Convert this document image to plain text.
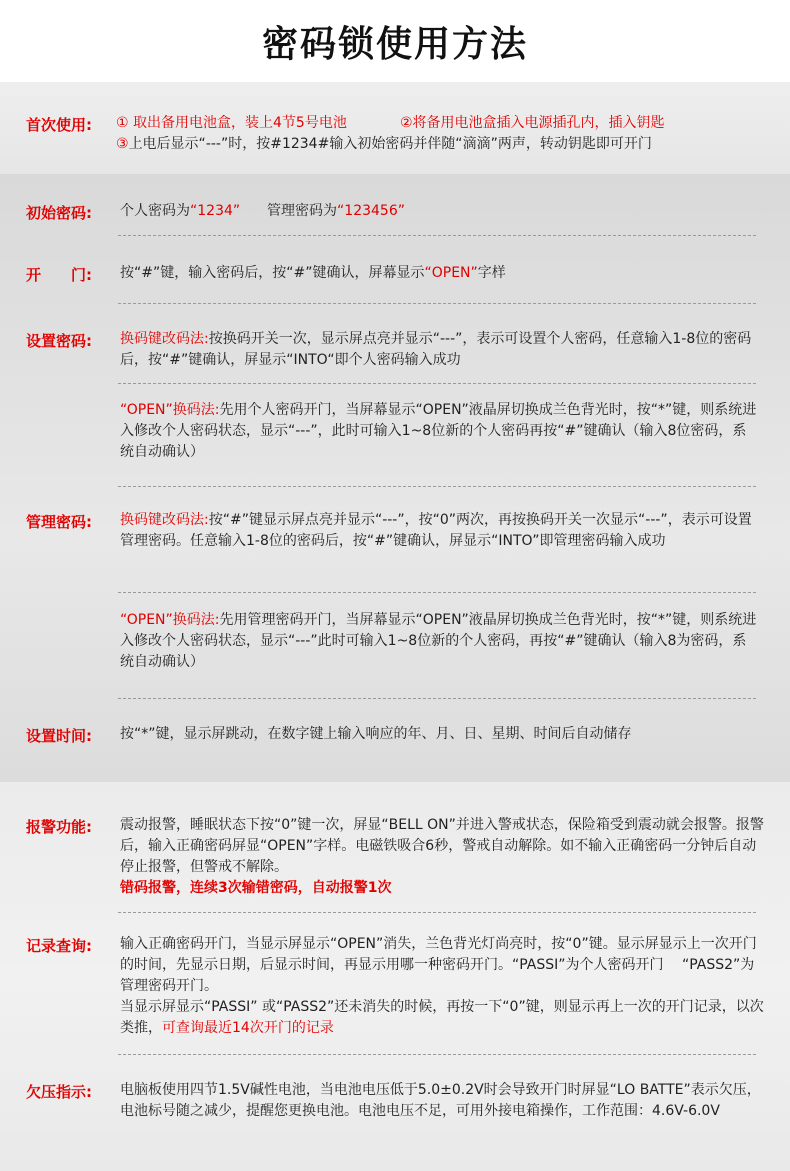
密码锁使用方法
首次使用: ① 取出备用电池盒，装上4节5号电池	②将备用电池盒插入电源插孔内，插入钥匙
③上电后显示“---”时，按#1234#输入初始密码并伴随“滴滴”两声，转动钥匙即可开门
初始密码: 个人密码为“1234” 管理密码为“123456”
开　　门: 按“#”键，输入密码后，按“#”键确认，屏幕显示“OPEN”字样
设置密码: 换码键改码法:按换码开关一次，显示屏点亮并显示“---”，表示可设置个人密码，任意输入1-8位的密码后，按“#”键确认，屏显示“INTO“即个人密码输入成功
“OPEN”换码法:先用个人密码开门，当屏幕显示“OPEN”液晶屏切换成兰色背光时，按“*”键，则系统进入修改个人密码状态，显示“---”，此时可输入1~8位新的个人密码再按“#”键确认（输入8位密码，系统自动确认）
管理密码: 换码键改码法:按“#”键显示屏点亮并显示“---”，按“0”两次，再按换码开关一次显示“---”，表示可设置管理密码。任意输入1-8位的密码后，按“#”键确认，屏显示“INTO”即管理密码输入成功
“OPEN”换码法:先用管理密码开门，当屏幕显示“OPEN”液晶屏切换成兰色背光时，按“*”键，则系统进入修改个人密码状态，显示“---”此时可输入1~8位新的个人密码，再按“#”键确认（输入8为密码，系统自动确认）
设置时间: 按“*”键，显示屏跳动，在数字键上输入响应的年、月、日、星期、时间后自动储存
报警功能: 震动报警，睡眠状态下按“0”键一次，屏显“BELL ON”并进入警戒状态，保险箱受到震动就会报警。报警后，输入正确密码屏显“OPEN”字样。电磁铁吸合6秒，警戒自动解除。如不输入正确密码一分钟后自动停止报警，但警戒不解除。
错码报警，连续3次输错密码，自动报警1次
记录查询: 输入正确密码开门，当显示屏显示“OPEN”消失，兰色背光灯尚亮时，按“0”键。显示屏显示上一次开门的时间，先显示日期，后显示时间，再显示用哪一种密码开门。“PASSI”为个人密码开门　 “PASS2”为管理密码开门。
当显示屏显示“PASSI” 或“PASS2”还未消失的时候，再按一下“0”键，则显示再上一次的开门记录，以次类推，可查询最近14次开门的记录
欠压指示: 电脑板使用四节1.5V碱性电池，当电池电压低于5.0±0.2V时会导致开门时屏显“LO BATTE”表示欠压，电池标号随之减少，提醒您更换电池。电池电压不足，可用外接电箱操作，工作范围：4.6V-6.0V
